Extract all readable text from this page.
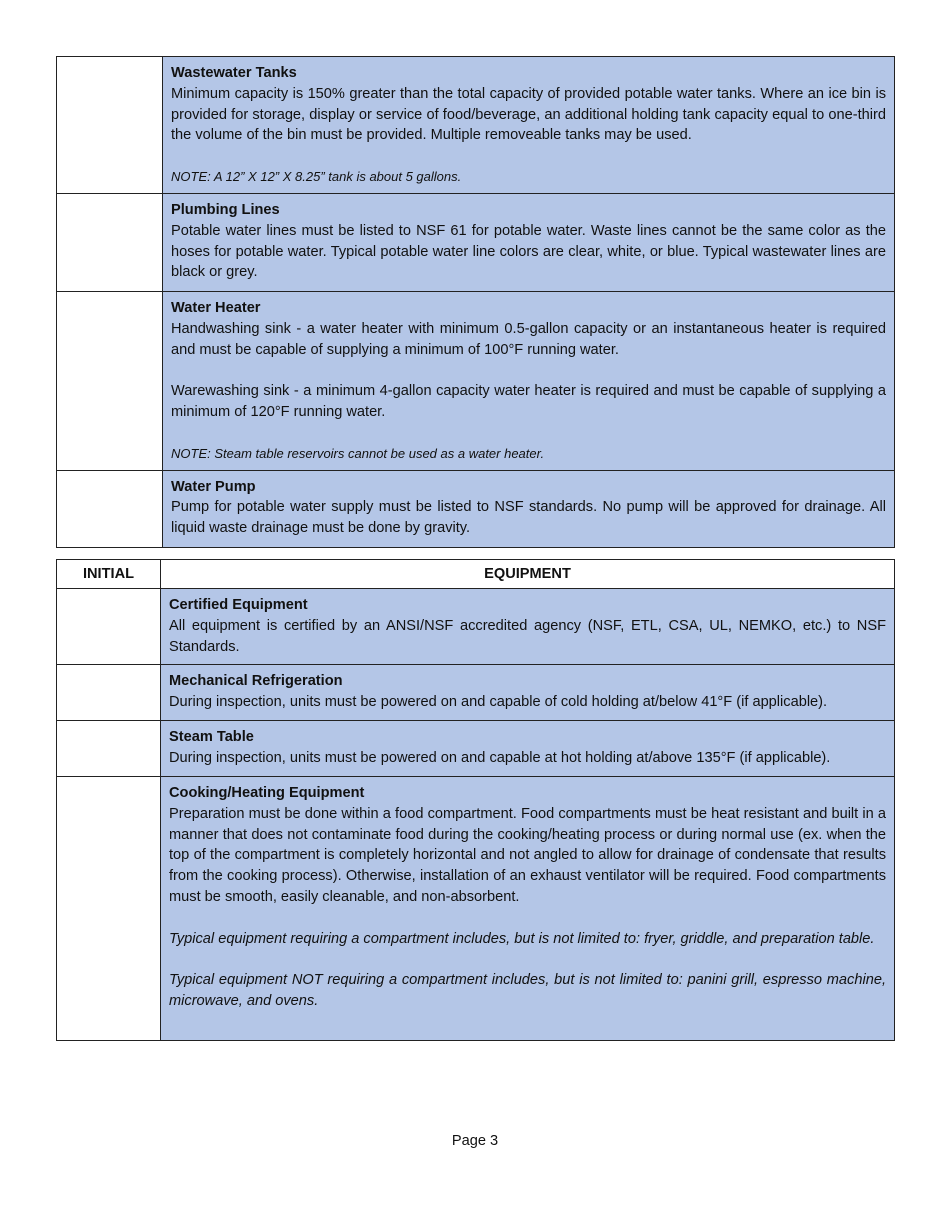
	Wastewater Tanks
Minimum capacity is 150% greater than the total capacity of provided potable water tanks. Where an ice bin is provided for storage, display or service of food/beverage, an additional holding tank capacity equal to one-third the volume of the bin must be provided. Multiple removeable tanks may be used.
NOTE: A 12” X 12” X 8.25” tank is about 5 gallons.

	Plumbing Lines
Potable water lines must be listed to NSF 61 for potable water. Waste lines cannot be the same color as the hoses for potable water. Typical potable water line colors are clear, white, or blue. Typical wastewater lines are black or grey.

	Water Heater
Handwashing sink - a water heater with minimum 0.5-gallon capacity or an instantaneous heater is required and must be capable of supplying a minimum of 100°F running water.
Warewashing sink - a minimum 4-gallon capacity water heater is required and must be capable of supplying a minimum of 120°F running water.
NOTE: Steam table reservoirs cannot be used as a water heater.

	Water Pump
Pump for potable water supply must be listed to NSF standards. No pump will be approved for drainage. All liquid waste drainage must be done by gravity.
INITIAL	EQUIPMENT

	Certified Equipment
All equipment is certified by an ANSI/NSF accredited agency (NSF, ETL, CSA, UL, NEMKO, etc.) to NSF Standards.

	Mechanical Refrigeration
During inspection, units must be powered on and capable of cold holding at/below 41°F (if applicable).

	Steam Table
During inspection, units must be powered on and capable at hot holding at/above 135°F (if applicable).

	Cooking/Heating Equipment
Preparation must be done within a food compartment. Food compartments must be heat resistant and built in a manner that does not contaminate food during the cooking/heating process or during normal use (ex. when the top of the compartment is completely horizontal and not angled to allow for drainage of condensate that results from the cooking process). Otherwise, installation of an exhaust ventilator will be required. Food compartments must be smooth, easily cleanable, and non-absorbent.
Typical equipment requiring a compartment includes, but is not limited to: fryer, griddle, and preparation table.
Typical equipment NOT requiring a compartment includes, but is not limited to: panini grill, espresso machine, microwave, and ovens.
Page 3
